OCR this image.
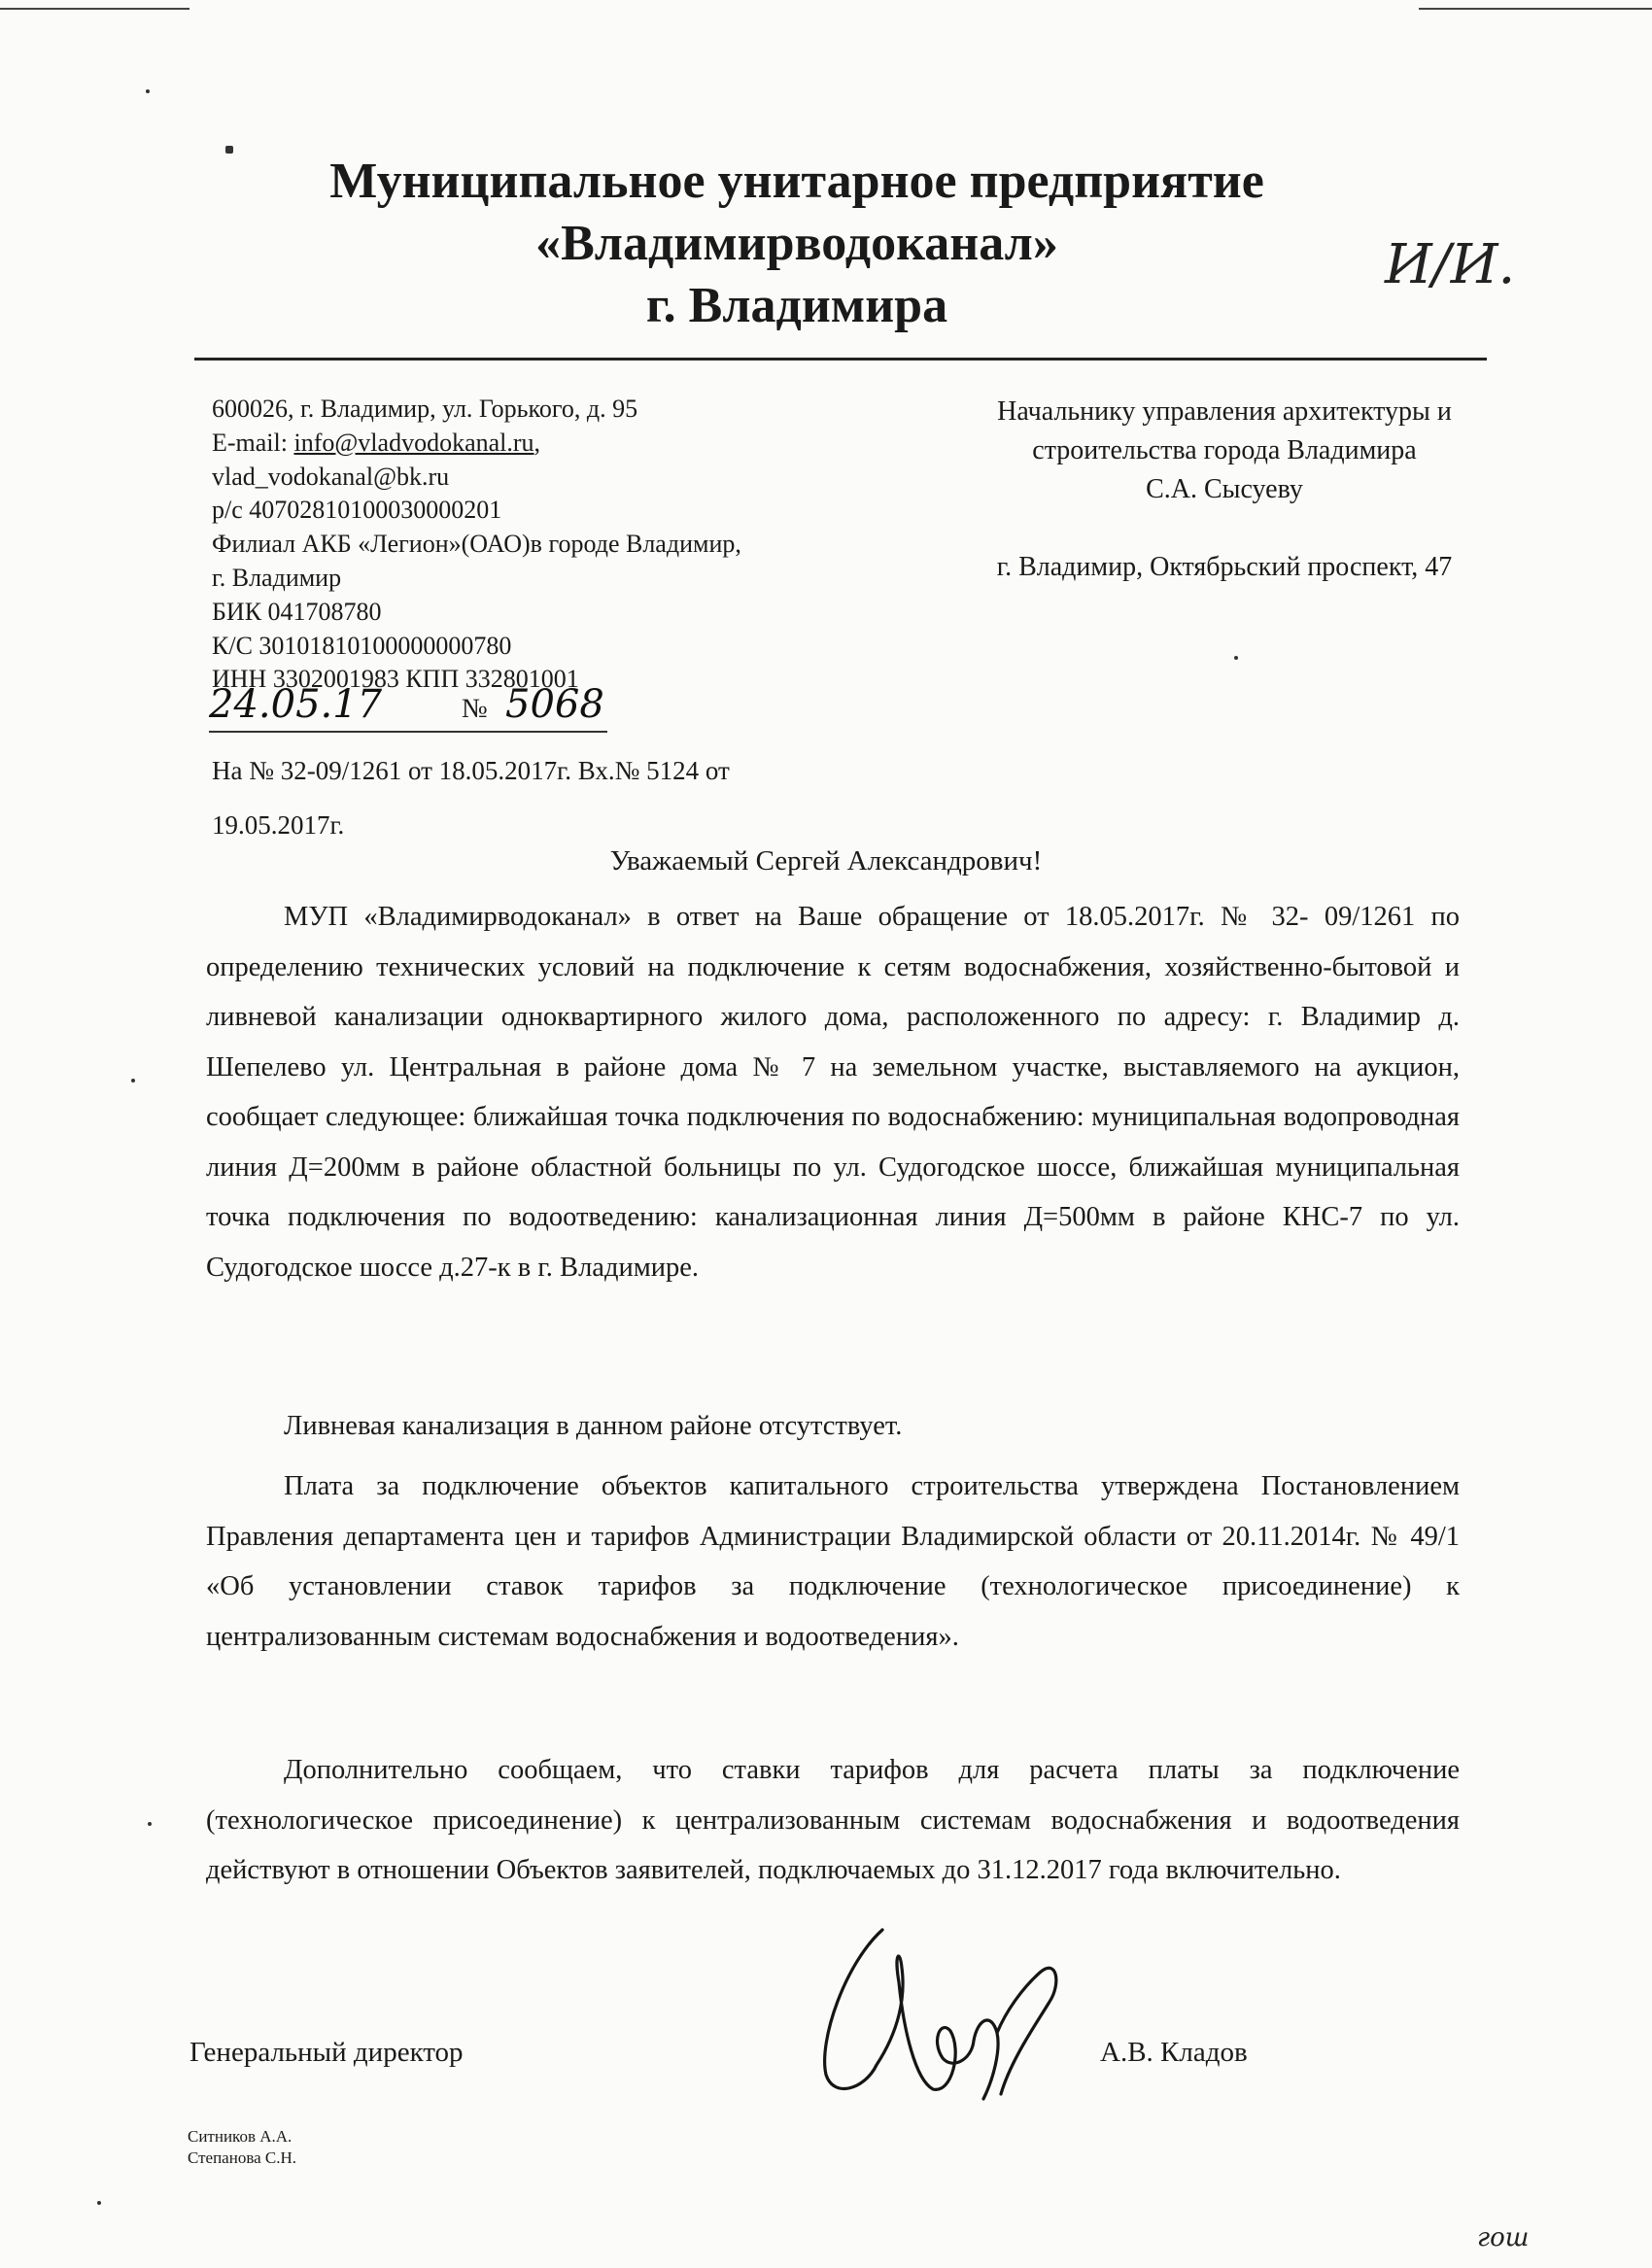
Муниципальное унитарное предприятие
«Владимирводоканал»
г. Владимира
И/И.
600026, г. Владимир, ул. Горького, д. 95
E-mail: info@vladvodokanal.ru,
vlad_vodokanal@bk.ru
р/с 40702810100030000201
Филиал АКБ «Легион»(ОАО)в городе Владимир,
г. Владимир
БИК 041708780
К/С 30101810100000000780
ИНН 3302001983 КПП 332801001
24.05.17	№ 5068
На № 32-09/1261 от 18.05.2017г. Вх.№ 5124 от
19.05.2017г.
Начальнику управления архитектуры и
строительства города Владимира
С.А. Сысуеву
г. Владимир, Октябрьский проспект, 47
Уважаемый Сергей Александрович!

МУП «Владимирводоканал» в ответ на Ваше обращение от 18.05.2017г. № 32- 09/1261 по определению технических условий на подключение к сетям водоснабжения, хозяйственно-бытовой и ливневой канализации одноквартирного жилого дома, расположенного по адресу: г. Владимир д. Шепелево ул. Центральная в районе дома № 7 на земельном участке, выставляемого на аукцион, сообщает следующее: ближайшая точка подключения по водоснабжению: муниципальная водопроводная линия Д=200мм в районе областной больницы по ул. Судогодское шоссе, ближайшая муниципальная точка подключения по водоотведению: канализационная линия Д=500мм в районе КНС-7 по ул. Судогодское шоссе д.27-к в г. Владимире.

Ливневая канализация в данном районе отсутствует.

Плата за подключение объектов капитального строительства утверждена Постановлением Правления департамента цен и тарифов Администрации Владимирской области от 20.11.2014г. № 49/1 «Об установлении ставок тарифов за подключение (технологическое присоединение) к централизованным системам водоснабжения и водоотведения».

Дополнительно сообщаем, что ставки тарифов для расчета платы за подключение (технологическое присоединение) к централизованным системам водоснабжения и водоотведения действуют в отношении Объектов заявителей, подключаемых до 31.12.2017 года включительно.

Генеральный директор	А.В. Кладов
Ситников А.А.
Степанова С.Н.
гош
